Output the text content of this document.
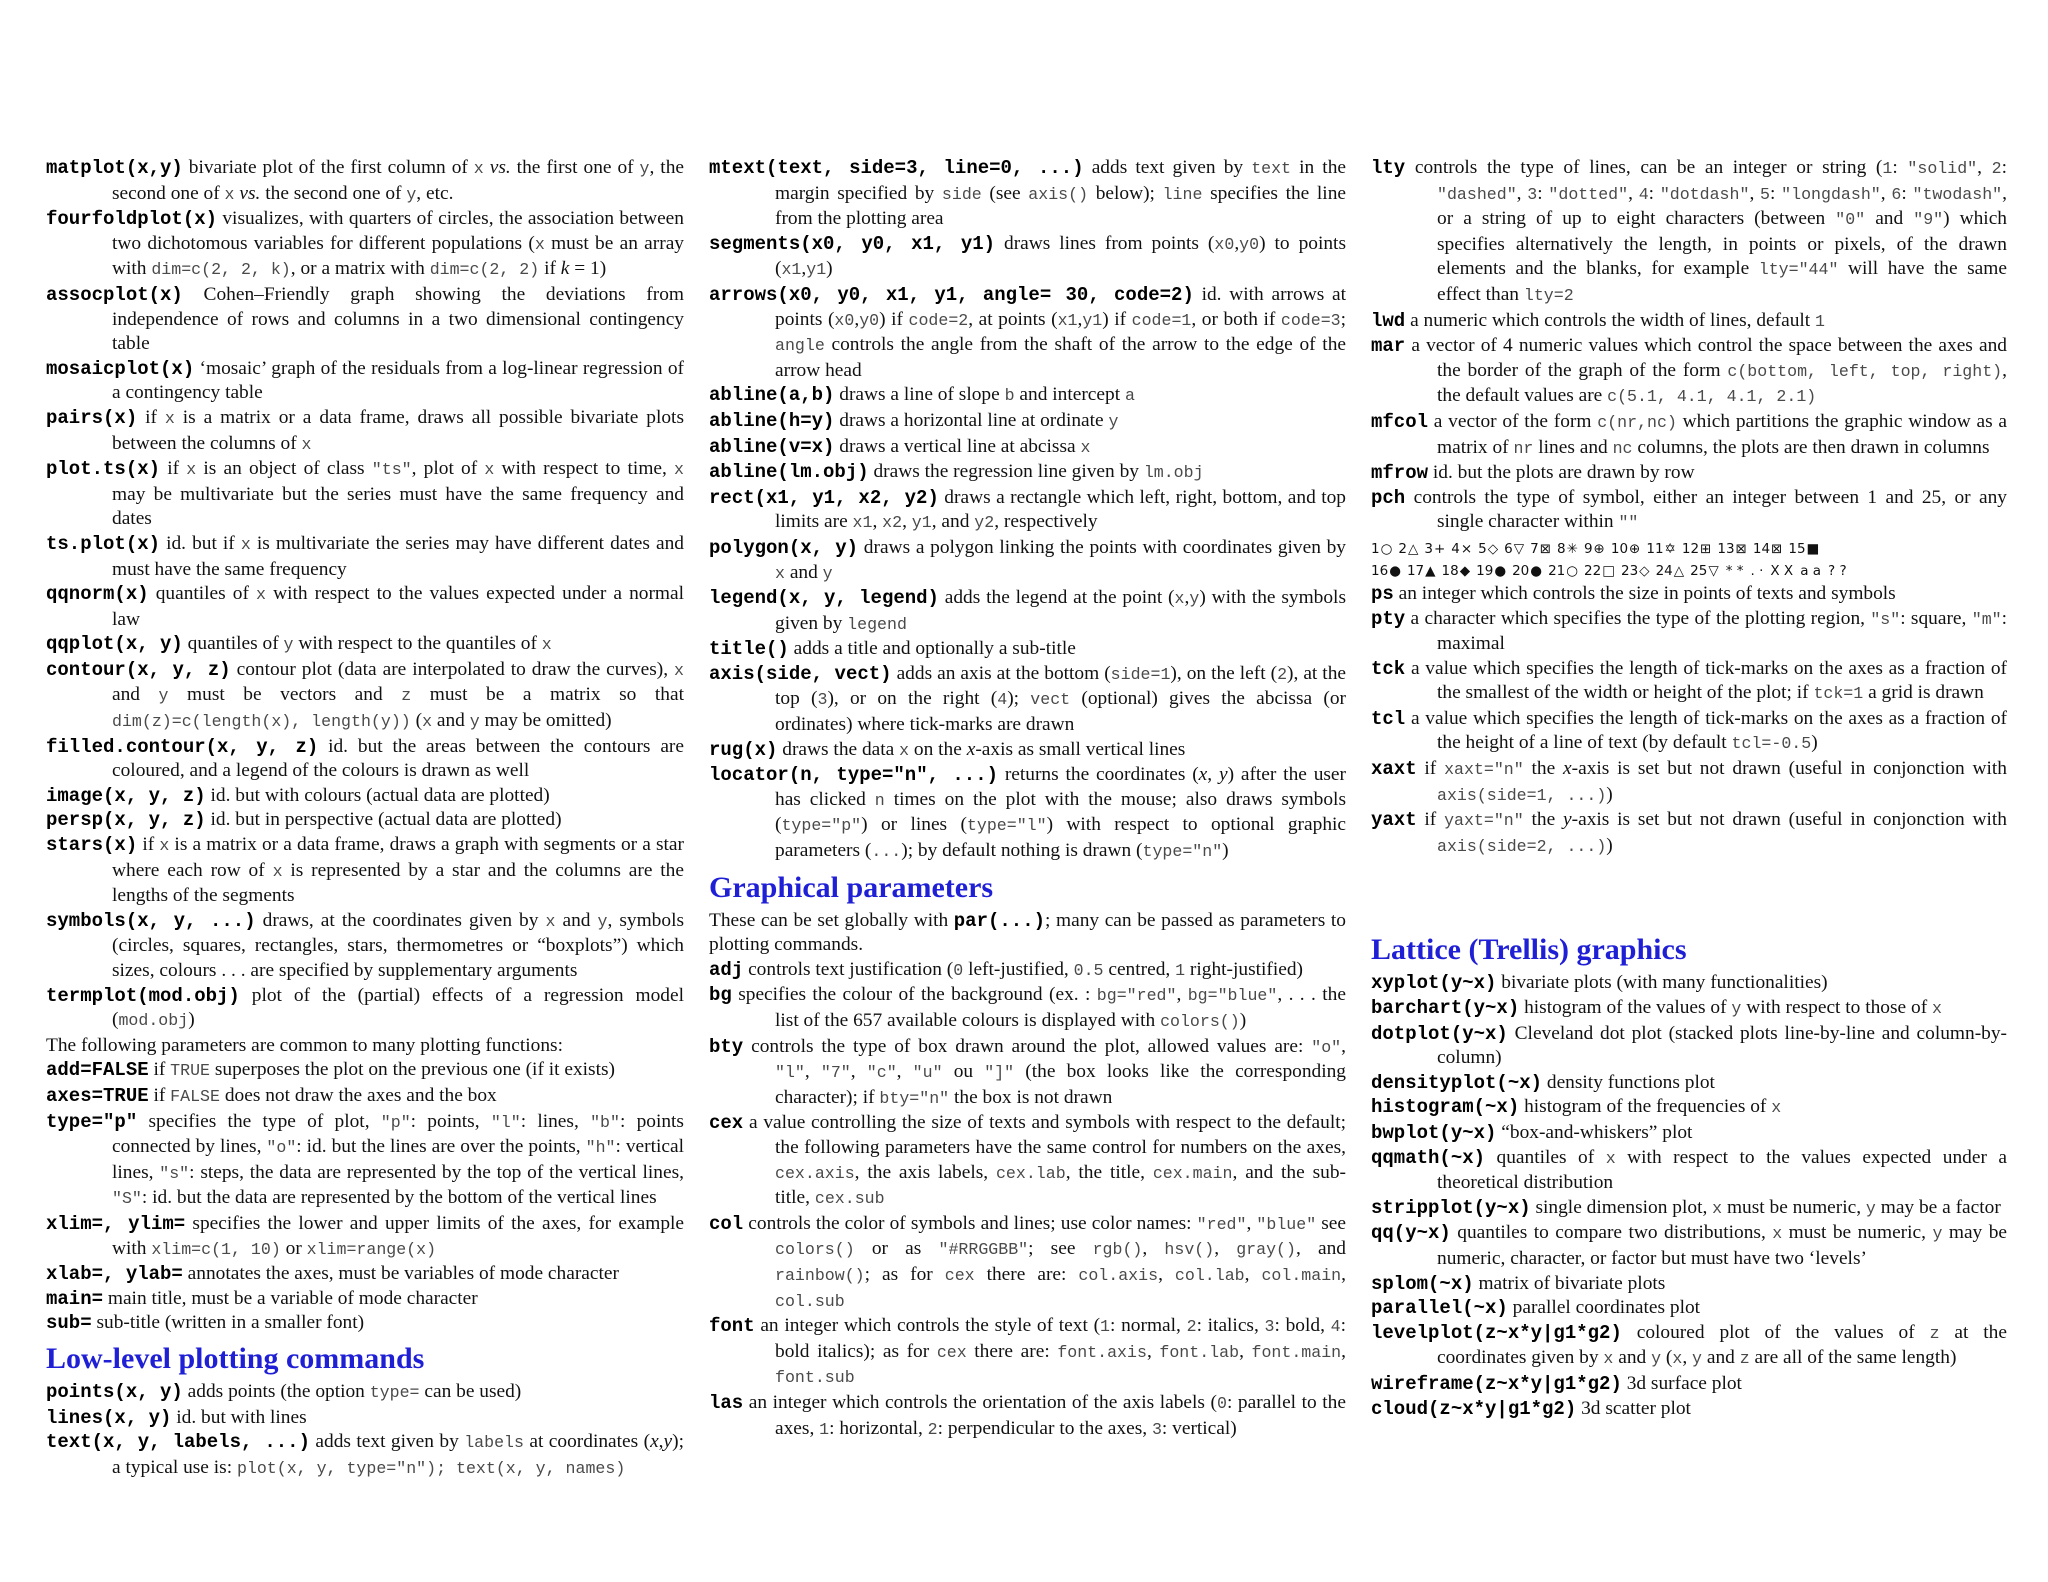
matplot(x,y) bivariate plot of the first column of x vs. the first one of y, the second one of x vs. the second one of y, etc.

fourfoldplot(x) visualizes, with quarters of circles, the association between two dichotomous variables for different populations (x must be an array with dim=c(2, 2, k), or a matrix with dim=c(2, 2) if k = 1)

assocplot(x) Cohen–Friendly graph showing the deviations from independence of rows and columns in a two dimensional contingency table

mosaicplot(x) ‘mosaic’ graph of the residuals from a log-linear regression of a contingency table

pairs(x) if x is a matrix or a data frame, draws all possible bivariate plots between the columns of x

plot.ts(x) if x is an object of class "ts", plot of x with respect to time, x may be multivariate but the series must have the same frequency and dates

ts.plot(x) id. but if x is multivariate the series may have different dates and must have the same frequency

qqnorm(x) quantiles of x with respect to the values expected under a normal law

qqplot(x, y) quantiles of y with respect to the quantiles of x

contour(x, y, z) contour plot (data are interpolated to draw the curves), x and y must be vectors and z must be a matrix so that dim(z)=c(length(x), length(y)) (x and y may be omitted)

filled.contour(x, y, z) id. but the areas between the contours are coloured, and a legend of the colours is drawn as well

image(x, y, z) id. but with colours (actual data are plotted)

persp(x, y, z) id. but in perspective (actual data are plotted)

stars(x) if x is a matrix or a data frame, draws a graph with segments or a star where each row of x is represented by a star and the columns are the lengths of the segments

symbols(x, y, ...) draws, at the coordinates given by x and y, symbols (circles, squares, rectangles, stars, thermometres or “boxplots”) which sizes, colours . . . are specified by supplementary arguments

termplot(mod.obj) plot of the (partial) effects of a regression model (mod.obj)

The following parameters are common to many plotting functions:

add=FALSE if TRUE superposes the plot on the previous one (if it exists)

axes=TRUE if FALSE does not draw the axes and the box

type="p" specifies the type of plot, "p": points, "l": lines, "b": points connected by lines, "o": id. but the lines are over the points, "h": vertical lines, "s": steps, the data are represented by the top of the vertical lines, "S": id. but the data are represented by the bottom of the vertical lines

xlim=, ylim= specifies the lower and upper limits of the axes, for example with xlim=c(1, 10) or xlim=range(x)

xlab=, ylab= annotates the axes, must be variables of mode character

main= main title, must be a variable of mode character

sub= sub-title (written in a smaller font)

Low-level plotting commands

points(x, y) adds points (the option type= can be used)

lines(x, y) id. but with lines

text(x, y, labels, ...) adds text given by labels at coordinates (x,y); a typical use is: plot(x, y, type="n"); text(x, y, names)

mtext(text, side=3, line=0, ...) adds text given by text in the margin specified by side (see axis() below); line specifies the line from the plotting area

segments(x0, y0, x1, y1) draws lines from points (x0,y0) to points (x1,y1)

arrows(x0, y0, x1, y1, angle= 30, code=2) id. with arrows at points (x0,y0) if code=2, at points (x1,y1) if code=1, or both if code=3; angle controls the angle from the shaft of the arrow to the edge of the arrow head

abline(a,b) draws a line of slope b and intercept a

abline(h=y) draws a horizontal line at ordinate y

abline(v=x) draws a vertical line at abcissa x

abline(lm.obj) draws the regression line given by lm.obj

rect(x1, y1, x2, y2) draws a rectangle which left, right, bottom, and top limits are x1, x2, y1, and y2, respectively

polygon(x, y) draws a polygon linking the points with coordinates given by x and y

legend(x, y, legend) adds the legend at the point (x,y) with the symbols given by legend

title() adds a title and optionally a sub-title

axis(side, vect) adds an axis at the bottom (side=1), on the left (2), at the top (3), or on the right (4); vect (optional) gives the abcissa (or ordinates) where tick-marks are drawn

rug(x) draws the data x on the x-axis as small vertical lines

locator(n, type="n", ...) returns the coordinates (x, y) after the user has clicked n times on the plot with the mouse; also draws symbols (type="p") or lines (type="l") with respect to optional graphic parameters (...); by default nothing is drawn (type="n")

Graphical parameters

These can be set globally with par(...); many can be passed as parameters to plotting commands.

adj controls text justification (0 left-justified, 0.5 centred, 1 right-justified)

bg specifies the colour of the background (ex. : bg="red", bg="blue", . . . the list of the 657 available colours is displayed with colors())

bty controls the type of box drawn around the plot, allowed values are: "o", "l", "7", "c", "u" ou "]" (the box looks like the corresponding character); if bty="n" the box is not drawn

cex a value controlling the size of texts and symbols with respect to the default; the following parameters have the same control for numbers on the axes, cex.axis, the axis labels, cex.lab, the title, cex.main, and the sub-title, cex.sub

col controls the color of symbols and lines; use color names: "red", "blue" see colors() or as "#RRGGBB"; see rgb(), hsv(), gray(), and rainbow(); as for cex there are: col.axis, col.lab, col.main, col.sub

font an integer which controls the style of text (1: normal, 2: italics, 3: bold, 4: bold italics); as for cex there are: font.axis, font.lab, font.main, font.sub

las an integer which controls the orientation of the axis labels (0: parallel to the axes, 1: horizontal, 2: perpendicular to the axes, 3: vertical)

lty controls the type of lines, can be an integer or string (1: "solid", 2: "dashed", 3: "dotted", 4: "dotdash", 5: "longdash", 6: "twodash", or a string of up to eight characters (between "0" and "9") which specifies alternatively the length, in points or pixels, of the drawn elements and the blanks, for example lty="44" will have the same effect than lty=2

lwd a numeric which controls the width of lines, default 1

mar a vector of 4 numeric values which control the space between the axes and the border of the graph of the form c(bottom, left, top, right), the default values are c(5.1, 4.1, 4.1, 2.1)

mfcol a vector of the form c(nr,nc) which partitions the graphic window as a matrix of nr lines and nc columns, the plots are then drawn in columns

mfrow id. but the plots are drawn by row

pch controls the type of symbol, either an integer between 1 and 25, or any single character within ""

1○ 2△ 3+ 4× 5◇ 6▽ 7⊠ 8✳ 9⊕ 10⊕ 11✡ 12⊞ 13⊠ 14⊠ 15■
16● 17▲ 18◆ 19● 20● 21○ 22□ 23◇ 24△ 25▽ * * . · X X a a ? ?

ps an integer which controls the size in points of texts and symbols

pty a character which specifies the type of the plotting region, "s": square, "m": maximal

tck a value which specifies the length of tick-marks on the axes as a fraction of the smallest of the width or height of the plot; if tck=1 a grid is drawn

tcl a value which specifies the length of tick-marks on the axes as a fraction of the height of a line of text (by default tcl=-0.5)

xaxt if xaxt="n" the x-axis is set but not drawn (useful in conjonction with axis(side=1, ...))

yaxt if yaxt="n" the y-axis is set but not drawn (useful in conjonction with axis(side=2, ...))

Lattice (Trellis) graphics

xyplot(y~x) bivariate plots (with many functionalities)

barchart(y~x) histogram of the values of y with respect to those of x

dotplot(y~x) Cleveland dot plot (stacked plots line-by-line and column-by-column)

densityplot(~x) density functions plot

histogram(~x) histogram of the frequencies of x

bwplot(y~x) “box-and-whiskers” plot

qqmath(~x) quantiles of x with respect to the values expected under a theoretical distribution

stripplot(y~x) single dimension plot, x must be numeric, y may be a factor

qq(y~x) quantiles to compare two distributions, x must be numeric, y may be numeric, character, or factor but must have two ‘levels’

splom(~x) matrix of bivariate plots

parallel(~x) parallel coordinates plot

levelplot(z~x*y|g1*g2) coloured plot of the values of z at the coordinates given by x and y (x, y and z are all of the same length)

wireframe(z~x*y|g1*g2) 3d surface plot

cloud(z~x*y|g1*g2) 3d scatter plot
